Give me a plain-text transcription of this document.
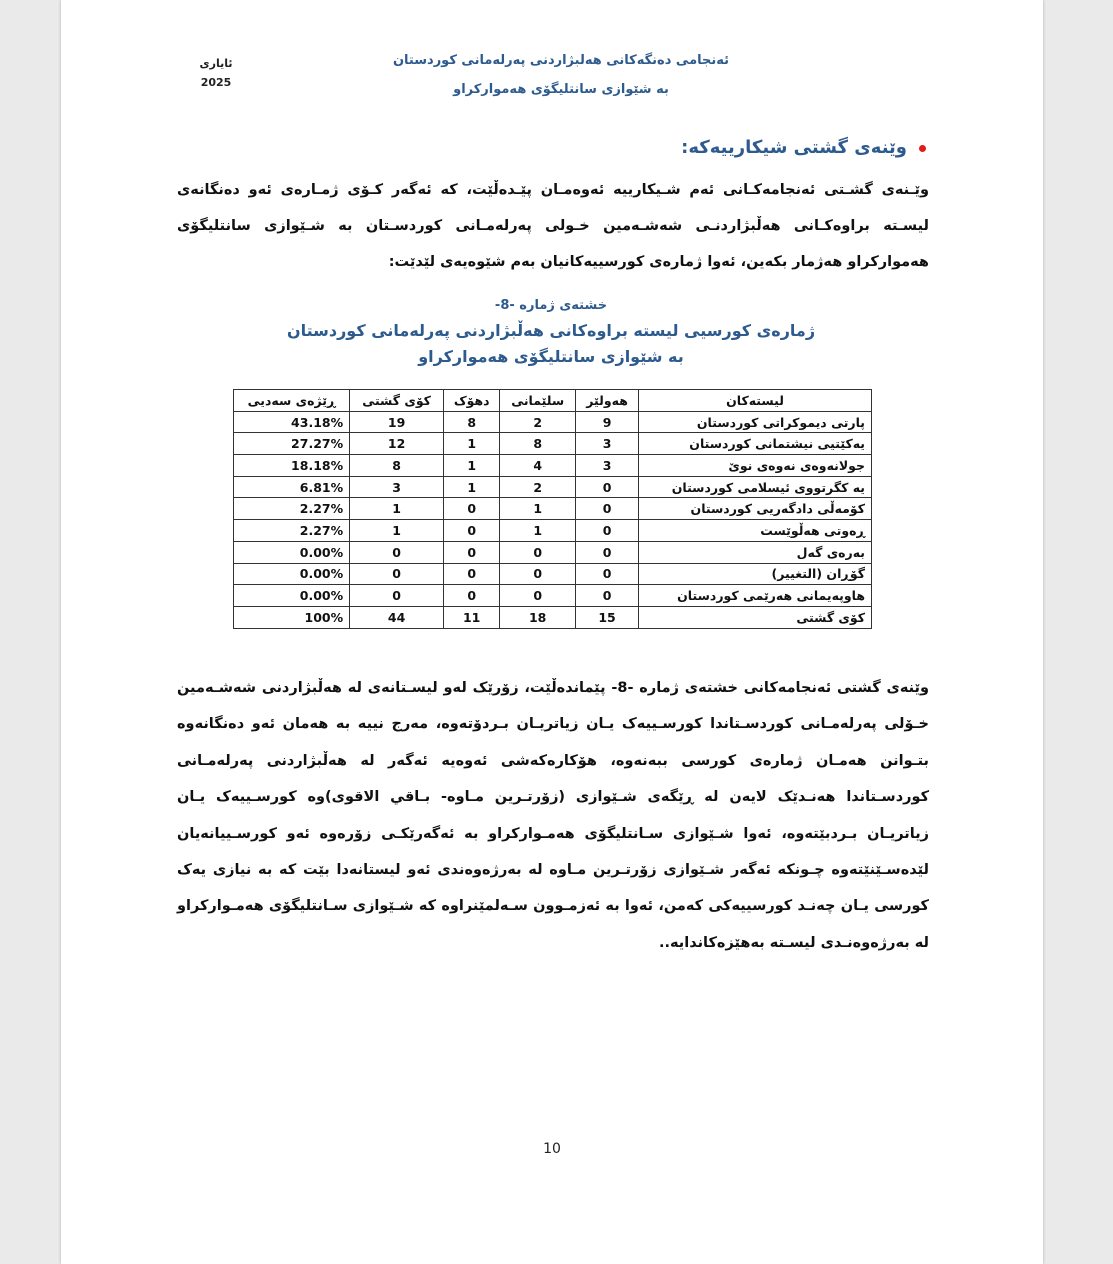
ئايارى
2025
ئەنجامی دەنگەکانی هەلبژاردنی پەرلەمانی کوردستان
بە شێوازی سانتلیگۆی هەموارکراو
وێنەی گشتی شیکارییەکە:
وێـنەی گشـتی ئەنجامەکـانی ئەم شـیکارییە ئەوەمـان پێـدەڵێت، کە ئەگەر کـۆی ژمـارەی ئەو دەنگانەی لیسـتە براوەکـانی هەڵبژاردنـی شەشـەمین خـولی پەرلەمـانی کوردسـتان بە شـێوازی سانتلیگۆی هەموارکراو هەژمار بکەین، ئەوا ژمارەی کورسییەکانیان بەم شێوەیەی لێدێت:
خشتەی ژمارە -8-
ژمارەی کورسیی لیستە براوەکانی هەڵبژاردنی پەرلەمانی کوردستان
بە شێوازی سانتلیگۆی هەموارکراو
لیستەکان	هەولێر	سلێمانی	دهۆک	کۆی گشتی	ڕێژەی سەدیی
پارتی دیموکراتی کوردستان	9	2	8	19	43.18%
یەکێتیی نیشتمانی کوردستان	3	8	1	12	27.27%
جولانەوەی نەوەی نوێ	3	4	1	8	18.18%
یە کگرتووی ئیسلامی کوردستان	0	2	1	3	6.81%
کۆمەڵی دادگەریی کوردستان	0	1	0	1	2.27%
ڕەوتی هەڵوێست	0	1	0	1	2.27%
بەرەی گەل	0	0	0	0	0.00%
گۆڕان (التغییر)	0	0	0	0	0.00%
هاوپەیمانی هەرێمی کوردستان	0	0	0	0	0.00%
کۆی گشتی	15	18	11	44	100%
وێنەی گشتی ئەنجامەکانی خشتەی ژمارە -8- پێماندەڵێت، زۆرێک لەو لیسـتانەی لە هەڵبژاردنی شەشـەمین خـۆلی پەرلەمـانی کوردسـتاندا کورسـییەک یـان زیاتریـان بـردۆتەوە، مەرج نییە بە هەمان ئەو دەنگانەوە بتـوانن هەمـان ژمارەی کورسی ببەنەوە، هۆکارەکەشی ئەوەیە ئەگەر لە هەڵبژاردنی پەرلەمـانی کوردسـتاندا هەنـدێک لایەن لە ڕێگەی شـێوازی (زۆرتـرین مـاوە- بـاقي الاقوى)وە کورسـییەک یـان زیاتریـان بـردبێتەوە، ئەوا شـێوازی سـانتلیگۆی هەمـوارکراو بە ئەگەرێکـی زۆرەوە ئەو کورسـییانەیان لێدەسـێنێتەوە چـونکە ئەگەر شـێوازی زۆرتـرین مـاوە لە بەرژەوەندی ئەو لیستانەدا بێت کە بە نیازی یەک کورسی یـان چەنـد کورسییەکی کەمن، ئەوا بە ئەزمـوون سـەلمێنراوە کە شـێوازی سـانتلیگۆی هەمـوارکراو لە بەرژەوەنـدی لیسـتە بەهێزەکاندایە..
10
